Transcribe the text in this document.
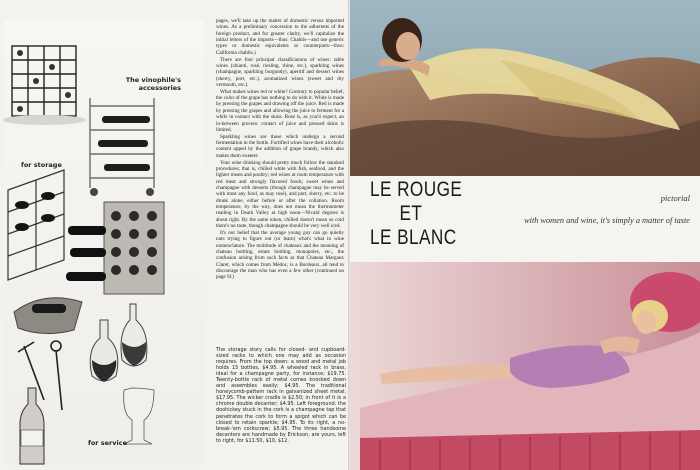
The vinophile's accessories
for storage
for service

pages, we'll take up the matter of domestic versus imported wines. As a preliminary concession to the adherents of the foreign product, and for greater clarity, we'll capitalize the initial letters of the imports—thus: Chablis—and use generic types or domestic equivalents or counterparts—thus: California chablis.)

There are four principal classifications of wines: table wines (chianti, rosé, riesling, rhine, etc.), sparkling wines (champagne, sparkling burgundy), aperitif and dessert wines (sherry, port, etc.), aromatized wines (sweet and dry vermouth, etc.).

What makes wines red or white? Contrary to popular belief, the color of the grape has nothing to do with it. White is made by pressing the grapes and drawing off the juice. Red is made by pressing the grapes and allowing the juice to ferment for a while in contact with the skins. Rosé is, as you'd expect, an in-between process: contact of juice and pressed skins is limited.

Sparkling wines are those which undergo a second fermentation in the bottle. Fortified wines have their alcoholic content upped by the addition of grape brandy, which also makes them sweeter.

Your wine drinking should pretty much follow the standard procedures; that is, chilled white with fish, seafood, and the lighter meats and poultry; red wines at room temperature with red meat and strongly flavored foods; sweet wines and champagne with desserts (though champagne may be served with most any food, as may rosé), and port, sherry, etc. to be drunk alone, either before or after the collation. Room temperature, by the way, does not mean the thermometer reading in Death Valley at high noon—Nivald degrees is about right. By the same token, chilled doesn't mean so cold there's no taste, though champagne should be very well iced.

It's our belief that the average young guy can go quietly nuts trying to figure out (or learn) what's what in wine nomenclature. The multitude of chateaux and the meaning of chateau bottling, estate bottling, monopoles, etc., the confusion arising from such facts as that Chateau Margaux Claret, which comes from Médoc, is a Bordeaux, all tend to discourage the man who has even a few other (continued on page 91)

The storage story calls for closed- and cupboard-sized racks to which one may add as occasion requires. From the top down: a wood and metal job holds 15 bottles, $4.95. A wheeled rack in brass, ideal for a champagne party, for instance; $19.75. Twenty-bottle rack of metal comes knocked down and assembles easily; $4.95. The traditional honeycomb-pattern rack in galvanized sheet metal; $17.95. The wicker cradle is $2.50; in front of it is a chrome double decanter; $4.95. Left foreground: the doohickey stuck in the cork is a champagne tap that penetrates the cork to form a spigot which can be closed to retain sparkle; $4.95. To its right, a no-break-'em corkscrew; $5.95. The three handsome decanters are handmade by Erickson, are yours, left to right, for $11.50, $10, $12.
LE ROUGE
ET
LE BLANC
pictorial
with women and wine, it's simply a matter of taste
